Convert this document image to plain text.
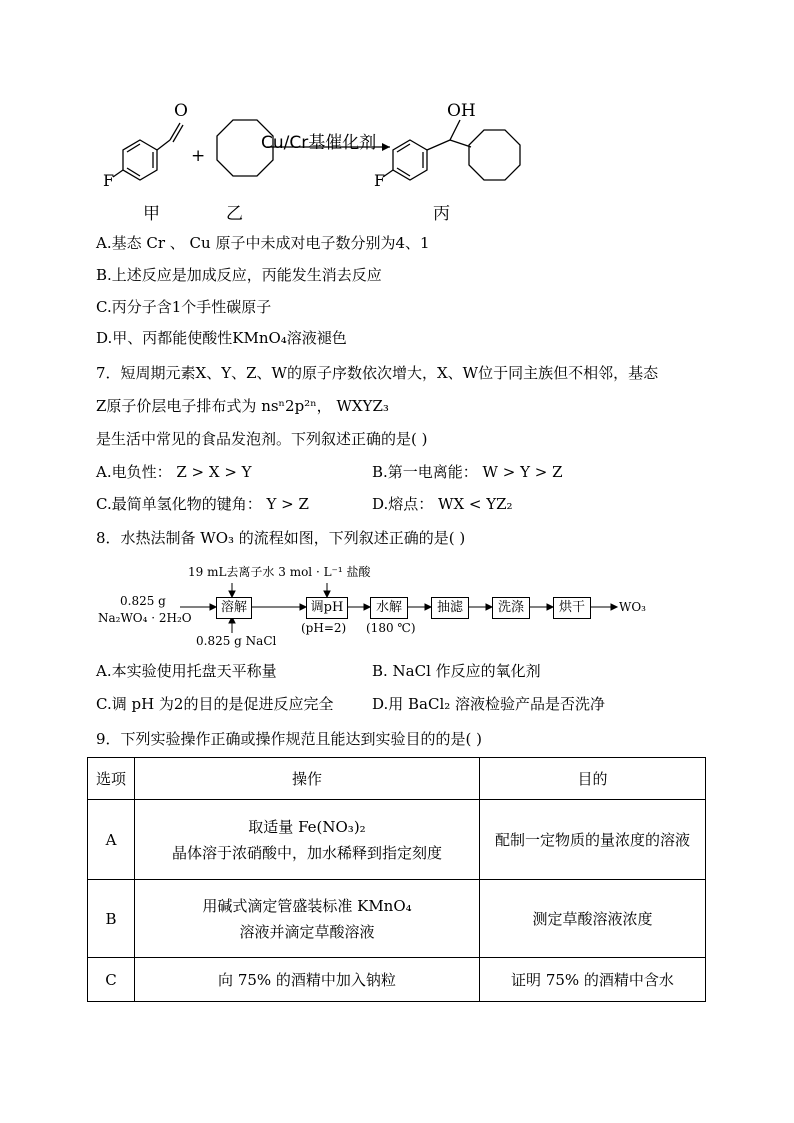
O
F
+
Cu/Cr基催化剂
OH
F
甲	乙	丙
A.基态 Cr 、 Cu 原子中未成对电子数分别为4、1
B.上述反应是加成反应，丙能发生消去反应
C.丙分子含1个手性碳原子
D.甲、丙都能使酸性KMnO₄溶液褪色
7．短周期元素X、Y、Z、W的原子序数依次增大，X、W位于同主族但不相邻，基态
Z原子价层电子排布式为 nsⁿ2p²ⁿ， WXYZ₃
是生活中常见的食品发泡剂。下列叙述正确的是( )
A.电负性： Z > X > Y	B.第一电离能： W > Y > Z
C.最简单氢化物的键角： Y > Z	D.熔点： WX < YZ₂
8．水热法制备 WO₃ 的流程如图，下列叙述正确的是( )
19 mL去离子水 3 mol · L⁻¹ 盐酸
0.825 g
Na₂WO₄ · 2H₂O
0.825 g NaCl
溶解	调pH	水解	抽滤	洗涤	烘干
(pH=2) (180 ℃)
WO₃
A.本实验使用托盘天平称量	B. NaCl 作反应的氧化剂
C.调 pH 为2的目的是促进反应完全	D.用 BaCl₂ 溶液检验产品是否洗净
9．下列实验操作正确或操作规范且能达到实验目的的是( )
选项	操作	目的
A	取适量 Fe(NO₃)₂
晶体溶于浓硝酸中，加水稀释到指定刻度	配制一定物质的量浓度的溶液
B	用碱式滴定管盛装标准 KMnO₄
溶液并滴定草酸溶液	测定草酸溶液浓度
C	向 75% 的酒精中加入钠粒	证明 75% 的酒精中含水
